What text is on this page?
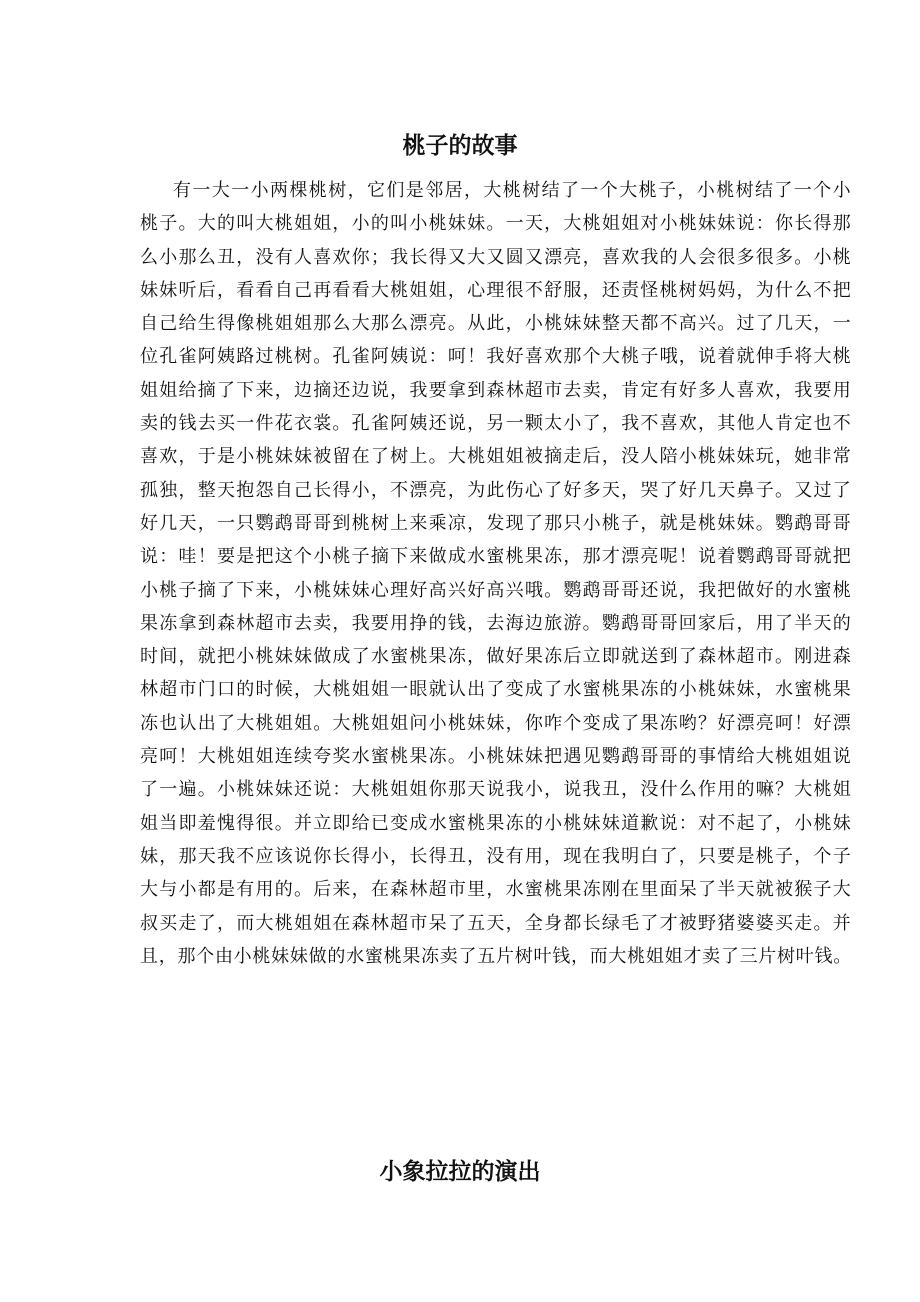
桃子的故事
有一大一小两棵桃树，它们是邻居，大桃树结了一个大桃子，小桃树结了一个小
桃子。大的叫大桃姐姐，小的叫小桃妹妹。一天，大桃姐姐对小桃妹妹说：你长得那
么小那么丑，没有人喜欢你；我长得又大又圆又漂亮，喜欢我的人会很多很多。小桃
妹妹听后，看看自己再看看大桃姐姐，心理很不舒服，还责怪桃树妈妈，为什么不把
自己给生得像桃姐姐那么大那么漂亮。从此，小桃妹妹整天都不高兴。过了几天，一
位孔雀阿姨路过桃树。孔雀阿姨说：呵！我好喜欢那个大桃子哦，说着就伸手将大桃
姐姐给摘了下来，边摘还边说，我要拿到森林超市去卖，肯定有好多人喜欢，我要用
卖的钱去买一件花衣裳。孔雀阿姨还说，另一颗太小了，我不喜欢，其他人肯定也不
喜欢，于是小桃妹妹被留在了树上。大桃姐姐被摘走后，没人陪小桃妹妹玩，她非常
孤独，整天抱怨自己长得小，不漂亮，为此伤心了好多天，哭了好几天鼻子。又过了
好几天，一只鹦鹉哥哥到桃树上来乘凉，发现了那只小桃子，就是桃妹妹。鹦鹉哥哥
说：哇！要是把这个小桃子摘下来做成水蜜桃果冻，那才漂亮呢！说着鹦鹉哥哥就把
小桃子摘了下来，小桃妹妹心理好高兴好高兴哦。鹦鹉哥哥还说，我把做好的水蜜桃
果冻拿到森林超市去卖，我要用挣的钱，去海边旅游。鹦鹉哥哥回家后，用了半天的
时间，就把小桃妹妹做成了水蜜桃果冻，做好果冻后立即就送到了森林超市。刚进森
林超市门口的时候，大桃姐姐一眼就认出了变成了水蜜桃果冻的小桃妹妹，水蜜桃果
冻也认出了大桃姐姐。大桃姐姐问小桃妹妹，你咋个变成了果冻哟？好漂亮呵！好漂
亮呵！大桃姐姐连续夸奖水蜜桃果冻。小桃妹妹把遇见鹦鹉哥哥的事情给大桃姐姐说
了一遍。小桃妹妹还说：大桃姐姐你那天说我小，说我丑，没什么作用的嘛？大桃姐
姐当即羞愧得很。并立即给已变成水蜜桃果冻的小桃妹妹道歉说：对不起了，小桃妹
妹，那天我不应该说你长得小，长得丑，没有用，现在我明白了，只要是桃子，个子
大与小都是有用的。后来，在森林超市里，水蜜桃果冻刚在里面呆了半天就被猴子大
叔买走了，而大桃姐姐在森林超市呆了五天，全身都长绿毛了才被野猪婆婆买走。并
且，那个由小桃妹妹做的水蜜桃果冻卖了五片树叶钱，而大桃姐姐才卖了三片树叶钱。
小象拉拉的演出
